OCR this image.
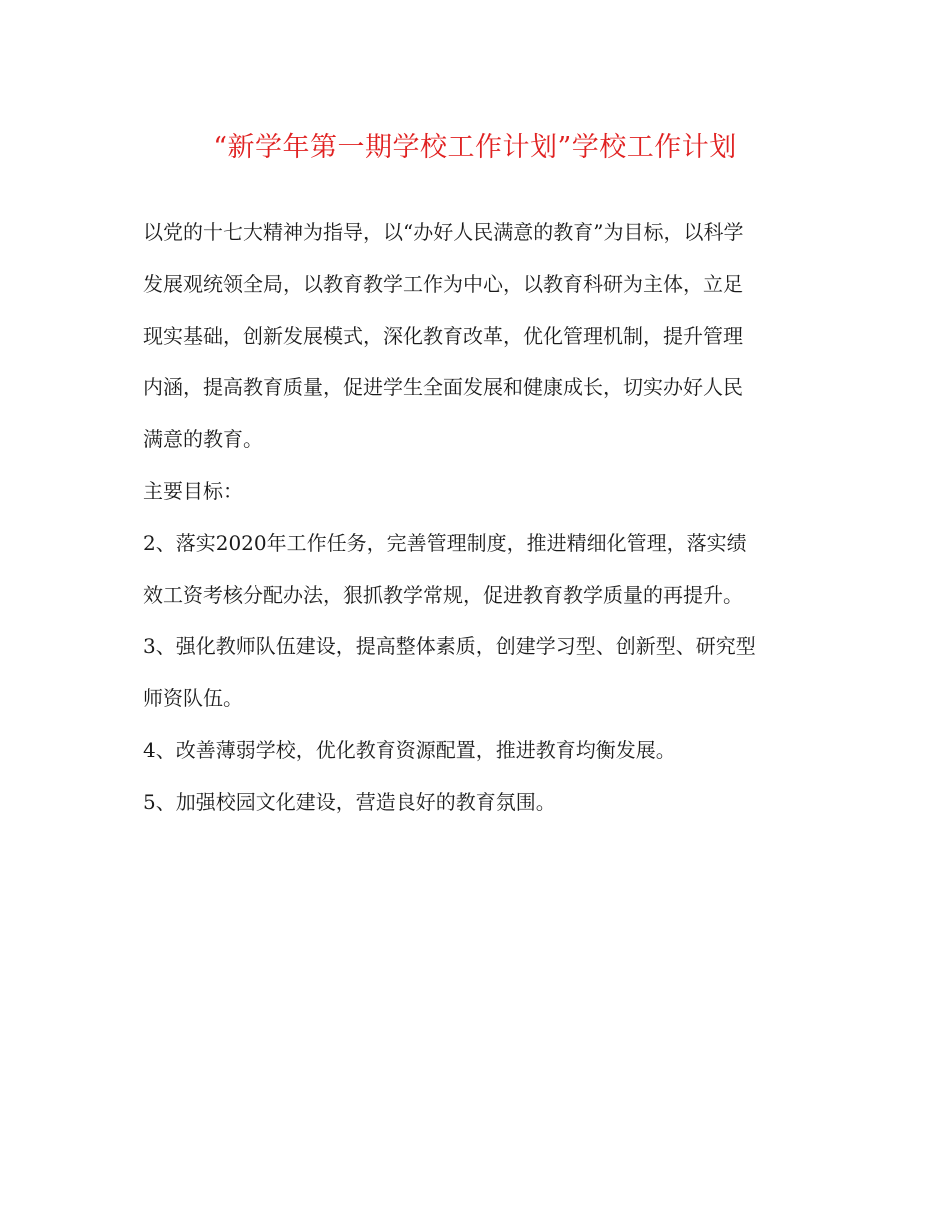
“新学年第一期学校工作计划”学校工作计划
以党的十七大精神为指导，以“办好人民满意的教育”为目标，以科学
发展观统领全局，以教育教学工作为中心，以教育科研为主体，立足
现实基础，创新发展模式，深化教育改革，优化管理机制，提升管理
内涵，提高教育质量，促进学生全面发展和健康成长，切实办好人民
满意的教育。
主要目标：
2、落实2020年工作任务，完善管理制度，推进精细化管理，落实绩
效工资考核分配办法，狠抓教学常规，促进教育教学质量的再提升。
3、强化教师队伍建设，提高整体素质，创建学习型、创新型、研究型
师资队伍。
4、改善薄弱学校，优化教育资源配置，推进教育均衡发展。
5、加强校园文化建设，营造良好的教育氛围。
